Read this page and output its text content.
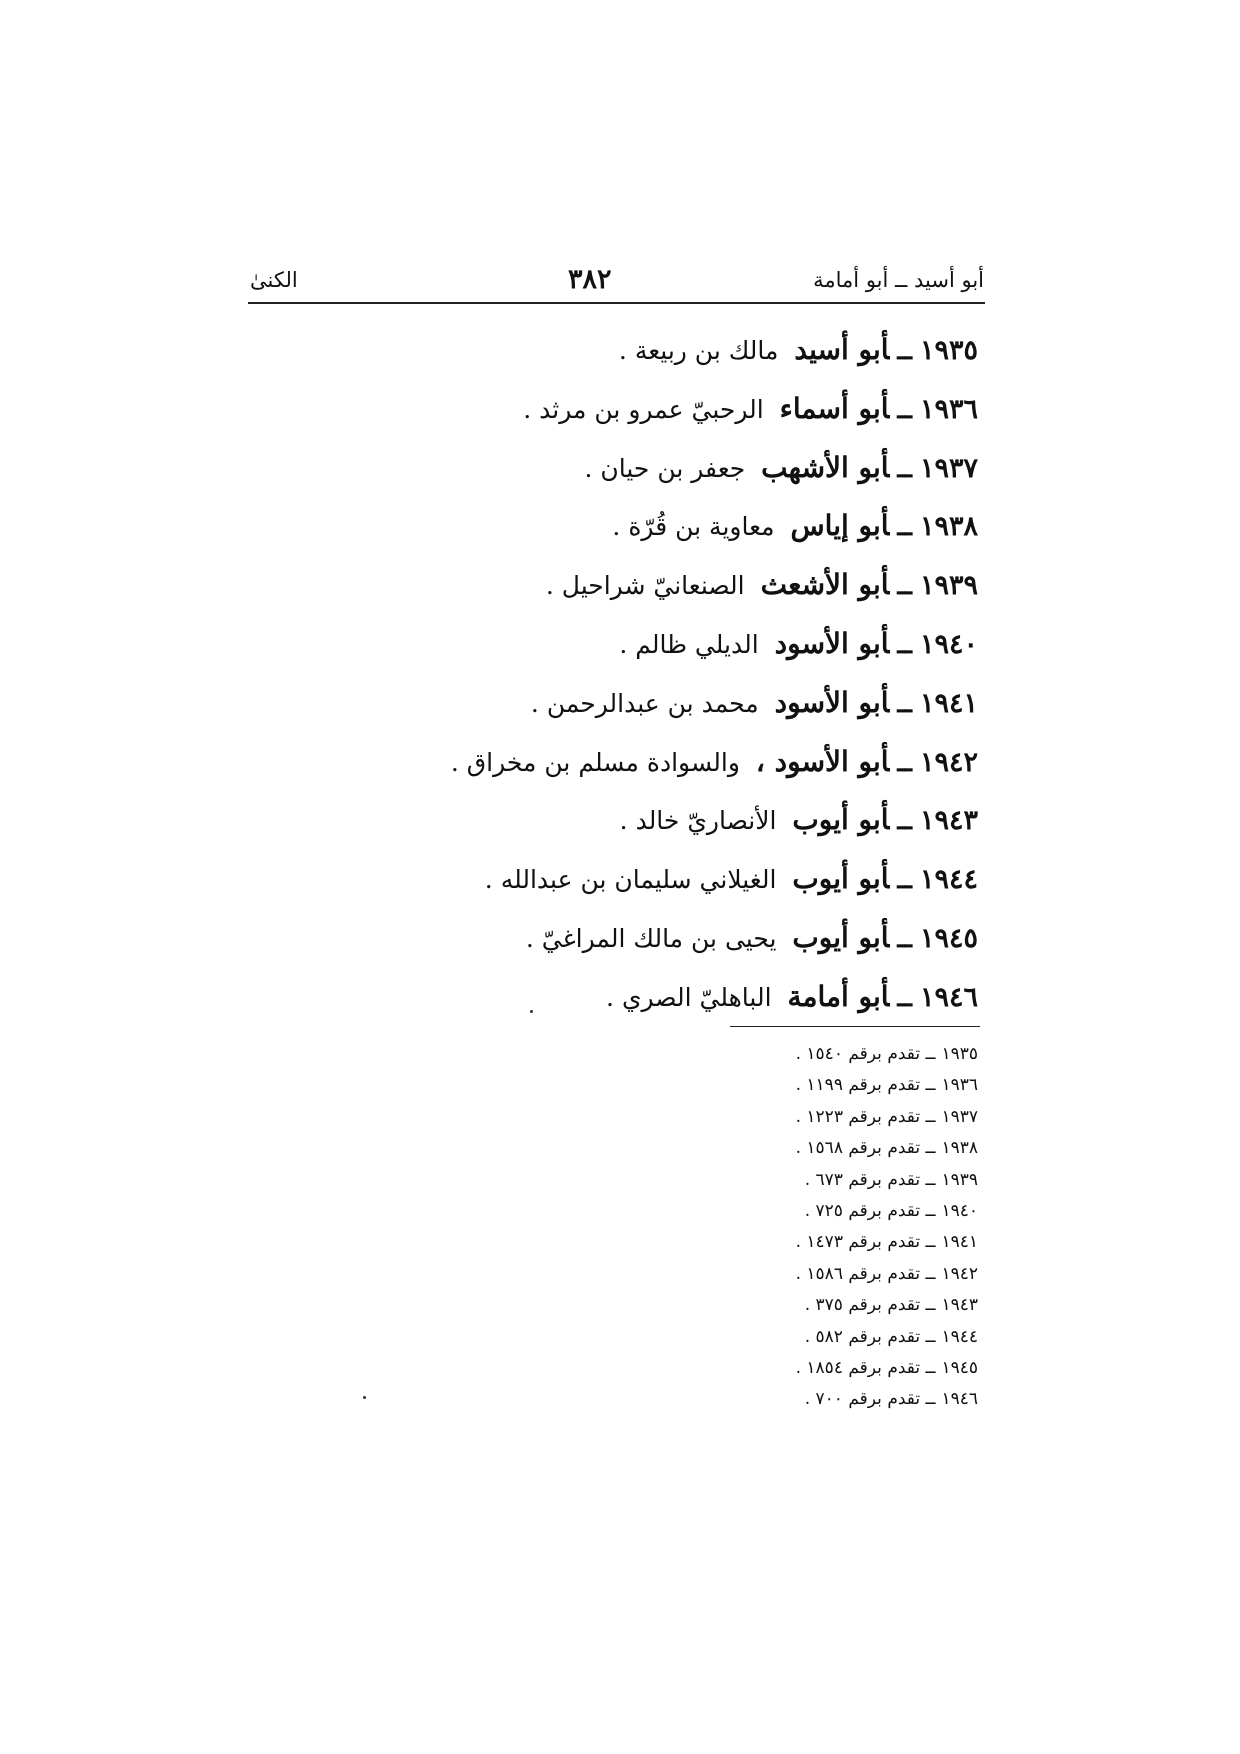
أبو أسيد ــ أبو أمامة
٣٨٢
الكنىٰ
١٩٣٥ــأبو أسيد مالك بن ربيعة .
١٩٣٦ــأبو أسماء الرحبيّ عمرو بن مرثد .
١٩٣٧ــأبو الأشهب جعفر بن حيان .
١٩٣٨ــأبو إياس معاوية بن قُرّة .
١٩٣٩ــأبو الأشعث الصنعانيّ شراحيل .
١٩٤٠ــأبو الأسود الديلي ظالم .
١٩٤١ــأبو الأسود محمد بن عبدالرحمن .
١٩٤٢ــأبو الأسود ، والسوادة مسلم بن مخراق .
١٩٤٣ــأبو أيوب الأنصاريّ خالد .
١٩٤٤ــأبو أيوب الغيلاني سليمان بن عبدالله .
١٩٤٥ــأبو أيوب يحيى بن مالك المراغيّ .
١٩٤٦ــأبو أمامة الباهليّ الصري .
١٩٣٥ــ تقدم برقم ١٥٤٠ .
١٩٣٦ــ تقدم برقم ١١٩٩ .
١٩٣٧ــ تقدم برقم ١٢٢٣ .
١٩٣٨ــ تقدم برقم ١٥٦٨ .
١٩٣٩ــ تقدم برقم ٦٧٣ .
١٩٤٠ــ تقدم برقم ٧٢٥ .
١٩٤١ــ تقدم برقم ١٤٧٣ .
١٩٤٢ــ تقدم برقم ١٥٨٦ .
١٩٤٣ــ تقدم برقم ٣٧٥ .
١٩٤٤ــ تقدم برقم ٥٨٢ .
١٩٤٥ــ تقدم برقم ١٨٥٤ .
١٩٤٦ــ تقدم برقم ٧٠٠ .
